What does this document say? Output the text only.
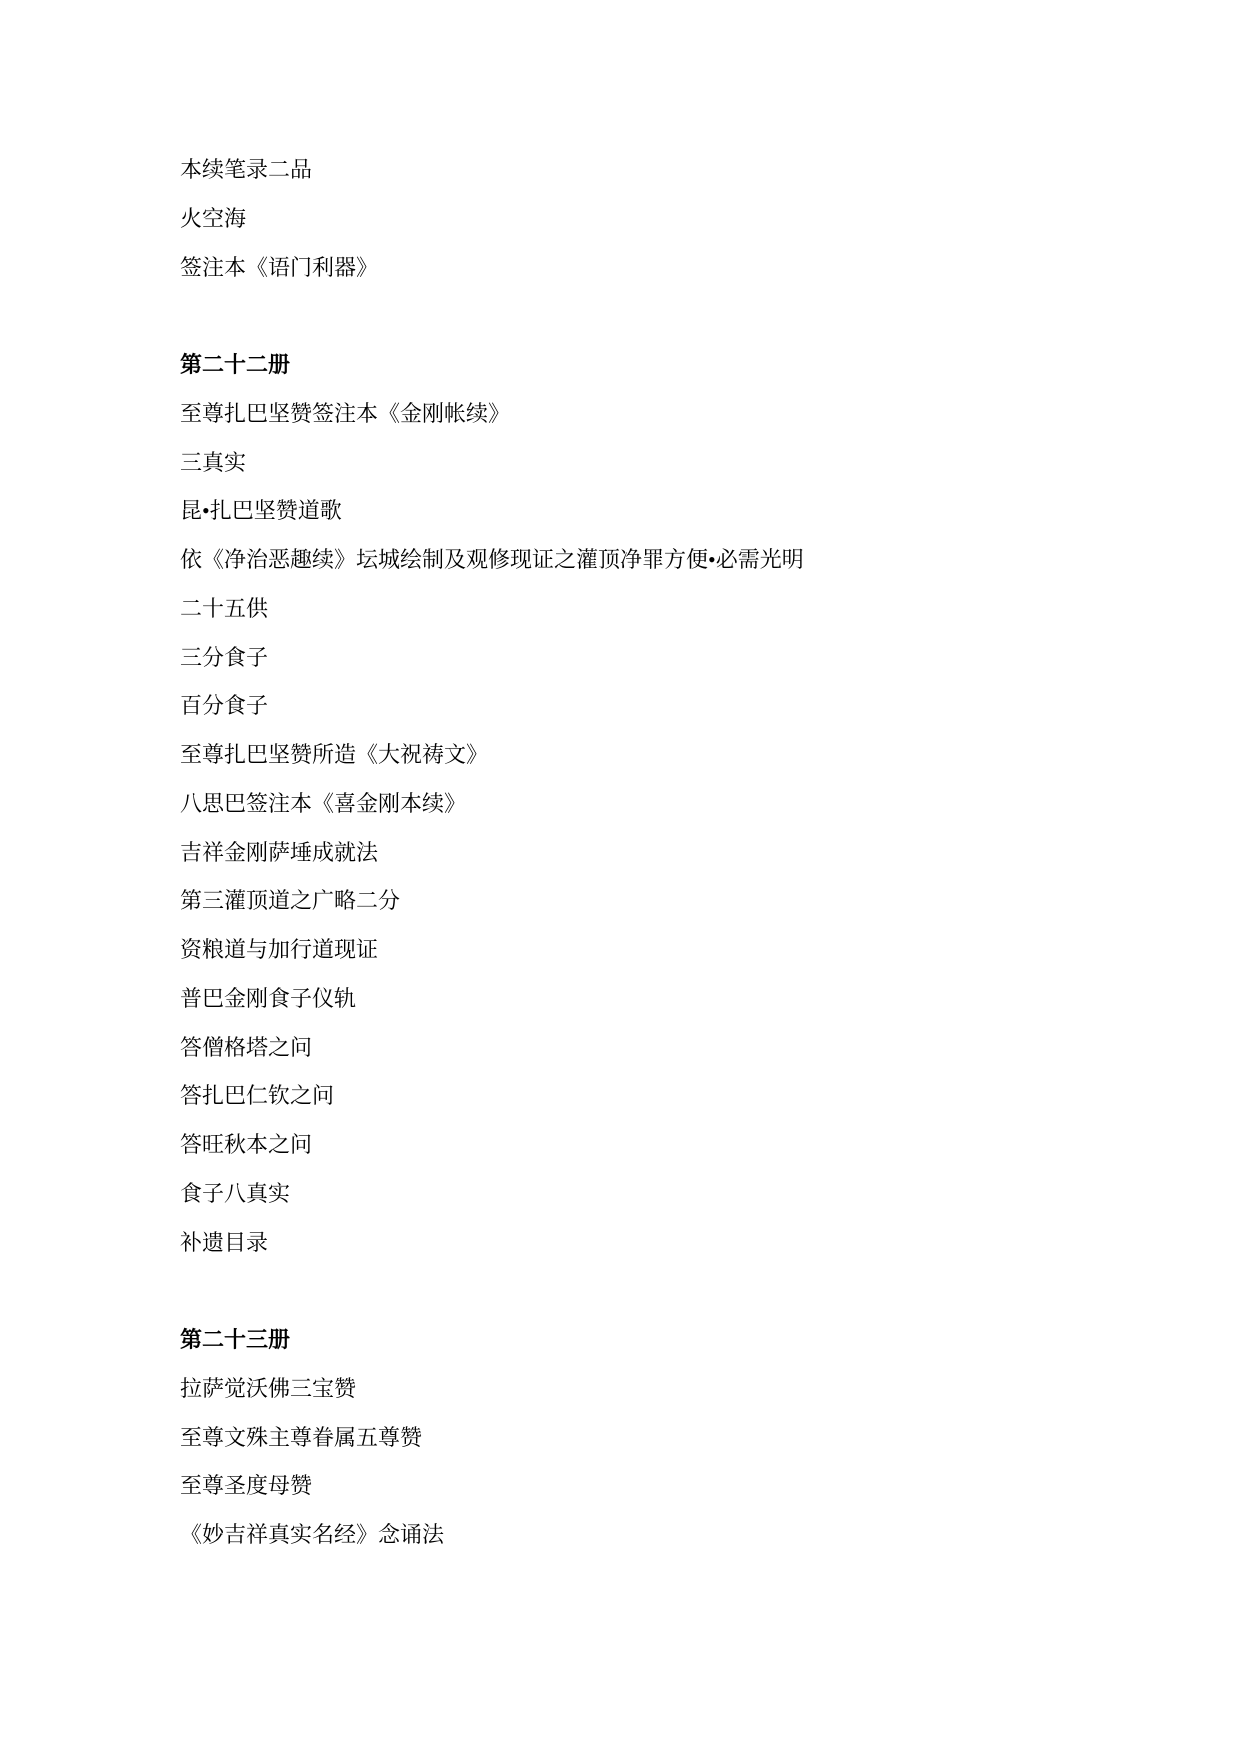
本续笔录二品

火空海

签注本《语门利器》

第二十二册

至尊扎巴坚赞签注本《金刚帐续》

三真实

昆•扎巴坚赞道歌

依《净治恶趣续》坛城绘制及观修现证之灌顶净罪方便•必需光明

二十五供

三分食子

百分食子

至尊扎巴坚赞所造《大祝祷文》

八思巴签注本《喜金刚本续》

吉祥金刚萨埵成就法

第三灌顶道之广略二分

资粮道与加行道现证

普巴金刚食子仪轨

答僧格塔之问

答扎巴仁钦之问

答旺秋本之问

食子八真实

补遗目录

第二十三册

拉萨觉沃佛三宝赞

至尊文殊主尊眷属五尊赞

至尊圣度母赞

《妙吉祥真实名经》念诵法
